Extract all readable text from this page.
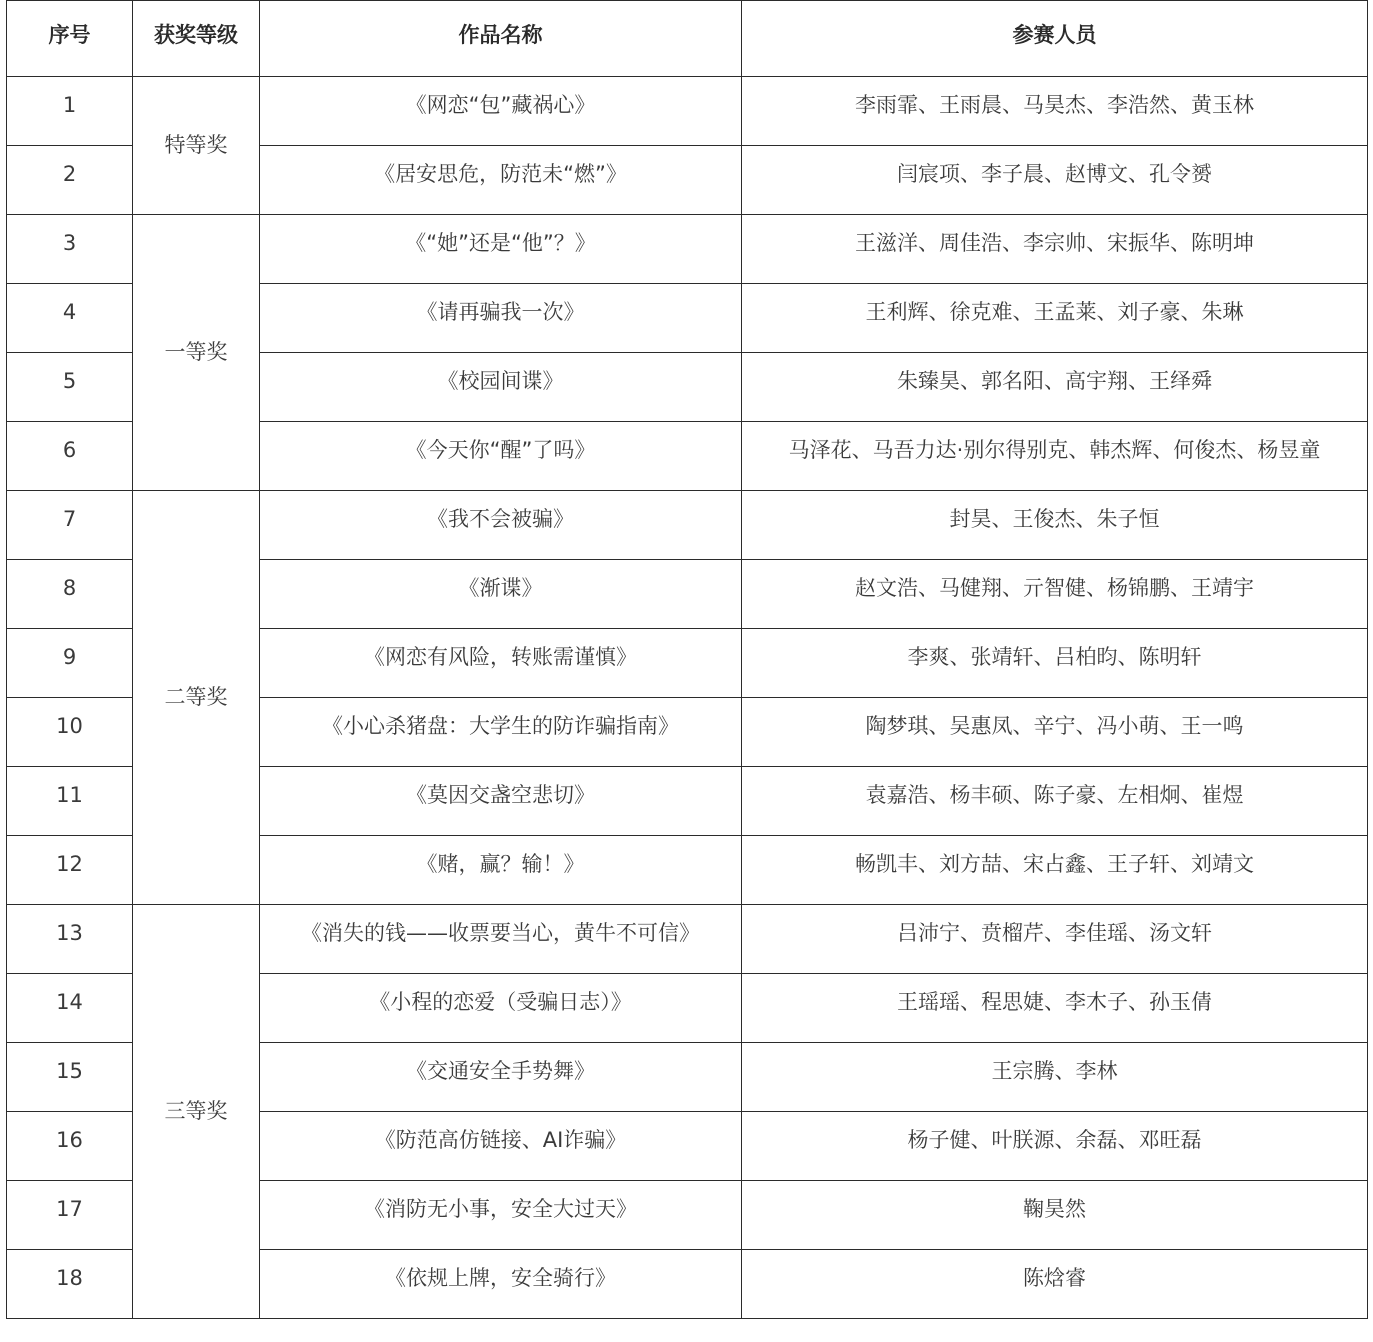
序号	获奖等级	作品名称	参赛人员
1	特等奖	《网恋“包”藏祸心》	李雨霏、王雨晨、马昊杰、李浩然、黄玉林
2		《居安思危，防范未“燃”》	闫宸项、李子晨、赵博文、孔令赟
3	一等奖	《“她”还是“他”？》	王滋洋、周佳浩、李宗帅、宋振华、陈明坤
4		《请再骗我一次》	王利辉、徐克难、王孟莱、刘子豪、朱琳
5		《校园间谍》	朱臻昊、郭名阳、高宇翔、王绎舜
6		《今天你“醒”了吗》	马泽花、马吾力达·别尔得别克、韩杰辉、何俊杰、杨昱童
7	二等奖	《我不会被骗》	封昊、王俊杰、朱子恒
8		《渐谍》	赵文浩、马健翔、亓智健、杨锦鹏、王靖宇
9		《网恋有风险，转账需谨慎》	李爽、张靖轩、吕柏昀、陈明轩
10		《小心杀猪盘：大学生的防诈骗指南》	陶梦琪、吴惠凤、辛宁、冯小萌、王一鸣
11		《莫因交盏空悲切》	袁嘉浩、杨丰硕、陈子豪、左相炯、崔煜
12		《赌，赢？输！》	畅凯丰、刘方喆、宋占鑫、王子轩、刘靖文
13	三等奖	《消失的钱——收票要当心，黄牛不可信》	吕沛宁、贲榴芹、李佳瑶、汤文轩
14		《小程的恋爱（受骗日志）》	王瑶瑶、程思婕、李木子、孙玉倩
15		《交通安全手势舞》	王宗腾、李林
16		《防范高仿链接、AI诈骗》	杨子健、叶朕源、余磊、邓旺磊
17		《消防无小事，安全大过天》	鞠昊然
18		《依规上牌，安全骑行》	陈焓睿
